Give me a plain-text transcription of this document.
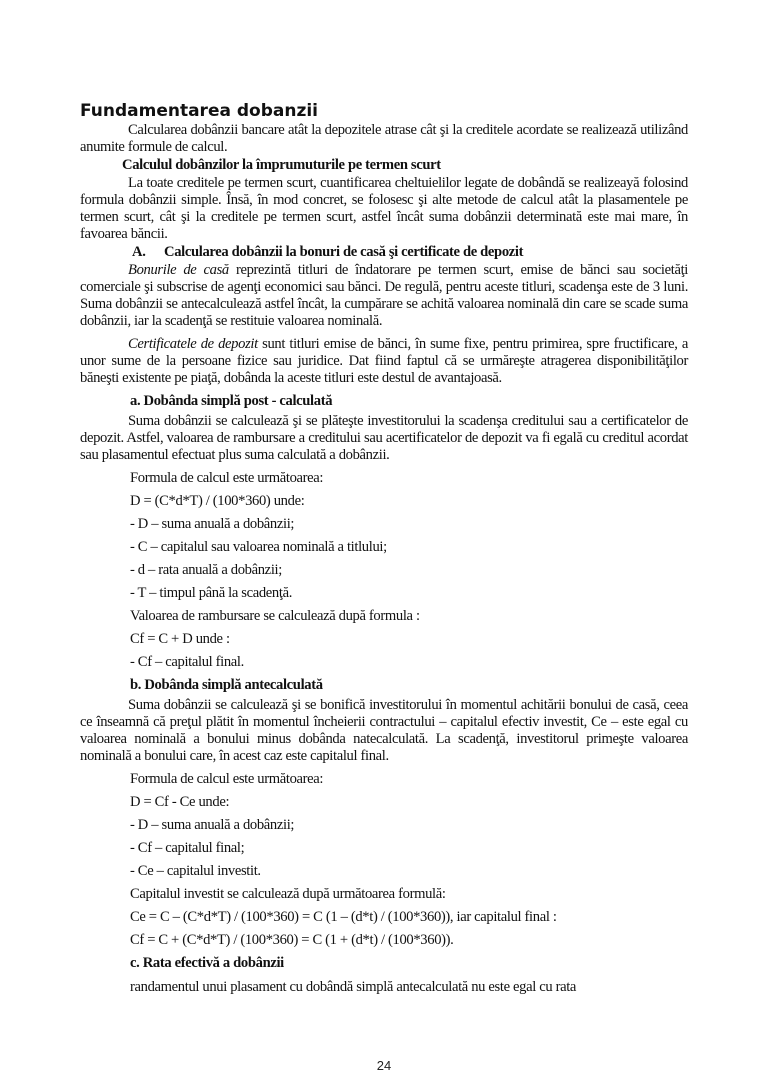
Fundamentarea dobanzii

Calcularea dobânzii bancare atât la depozitele atrase cât şi la creditele acordate se realizează utilizând anumite formule de calcul.

Calculul dobânzilor la împrumuturile pe termen scurt

La toate creditele pe termen scurt, cuantificarea cheltuielilor legate de dobândă se realizeayă folosind formula dobânzii simple. Însă, în mod concret, se folosesc şi alte metode de calcul atât la plasamentele pe termen scurt, cât şi la creditele pe termen scurt, astfel încât suma dobânzii determinată este mai mare, în favoarea băncii.

A. Calcularea dobânzii la bonuri de casă şi certificate de depozit

Bonurile de casă reprezintă titluri de îndatorare pe termen scurt, emise de bănci sau societăţi comerciale şi subscrise de agenţi economici sau bănci. De regulă, pentru aceste titluri, scadenşa este de 3 luni. Suma dobânzii se antecalculează astfel încât, la cumpărare se achită valoarea nominală din care se scade suma dobânzii, iar la scadenţă se restituie valoarea nominală.

Certificatele de depozit sunt titluri emise de bănci, în sume fixe, pentru primirea, spre fructificare, a unor sume de la persoane fizice sau juridice. Dat fiind faptul că se urmăreşte atragerea disponibilităţilor băneşti existente pe piaţă, dobânda la aceste titluri este destul de avantajoasă.

a. Dobânda simplă post - calculată

Suma dobânzii se calculează şi se plăteşte investitorului la scadenşa creditului sau a certificatelor de depozit. Astfel, valoarea de rambursare a creditului sau acertificatelor de depozit va fi egală cu creditul acordat sau plasamentul efectuat plus suma calculată a dobânzii.

Formula de calcul este următoarea:

D = (C*d*T) / (100*360) unde:

- D – suma anuală a dobânzii;

- C – capitalul sau valoarea nominală a titlului;

- d – rata anuală a dobânzii;

- T – timpul până la scadenţă.

Valoarea de rambursare se calculează după formula :

Cf = C + D unde :

- Cf – capitalul final.

b. Dobânda simplă antecalculată

Suma dobânzii se calculează şi se bonifică investitorului în momentul achitării bonului de casă, ceea ce înseamnă că preţul plătit în momentul încheierii contractului – capitalul efectiv investit, Ce – este egal cu valoarea nominală a bonului minus dobânda natecalculată. La scadenţă, investitorul primeşte valoarea nominală a bonului care, în acest caz este capitalul final.

Formula de calcul este următoarea:

D = Cf - Ce unde:

- D – suma anuală a dobânzii;

- Cf – capitalul final;

- Ce – capitalul investit.

Capitalul investit se calculează după următoarea formulă:

Ce = C – (C*d*T) / (100*360) = C (1 – (d*t) / (100*360)), iar capitalul final :

Cf = C + (C*d*T) / (100*360) = C (1 + (d*t) / (100*360)).

c. Rata efectivă a dobânzii

randamentul unui plasament cu dobândă simplă antecalculată nu este egal cu rata

24
